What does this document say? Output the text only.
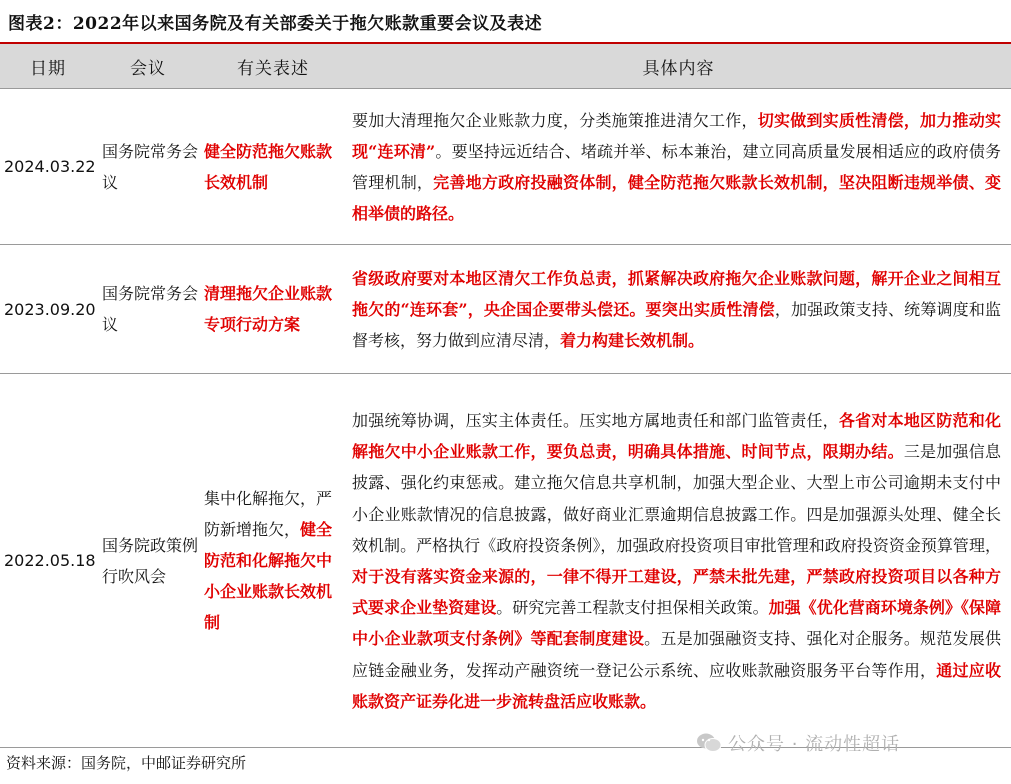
图表2：2022年以来国务院及有关部委关于拖欠账款重要会议及表述
日期	会议	有关表述	具体内容
2024.03.22	国务院常务会议	健全防范拖欠账款长效机制	要加大清理拖欠企业账款力度，分类施策推进清欠工作，切实做到实质性清偿，加力推动实现“连环清”。要坚持远近结合、堵疏并举、标本兼治，建立同高质量发展相适应的政府债务管理机制，完善地方政府投融资体制，健全防范拖欠账款长效机制，坚决阻断违规举债、变相举债的路径。
2023.09.20	国务院常务会议	清理拖欠企业账款专项行动方案	省级政府要对本地区清欠工作负总责，抓紧解决政府拖欠企业账款问题，解开企业之间相互拖欠的“连环套”，央企国企要带头偿还。要突出实质性清偿，加强政策支持、统筹调度和监督考核，努力做到应清尽清，着力构建长效机制。
2022.05.18	国务院政策例行吹风会	集中化解拖欠，严防新增拖欠，健全防范和化解拖欠中小企业账款长效机制	加强统筹协调，压实主体责任。压实地方属地责任和部门监管责任，各省对本地区防范和化解拖欠中小企业账款工作，要负总责，明确具体措施、时间节点，限期办结。三是加强信息披露、强化约束惩戒。建立拖欠信息共享机制，加强大型企业、大型上市公司逾期未支付中小企业账款情况的信息披露，做好商业汇票逾期信息披露工作。四是加强源头处理、健全长效机制。严格执行《政府投资条例》，加强政府投资项目审批管理和政府投资资金预算管理，对于没有落实资金来源的，一律不得开工建设，严禁未批先建，严禁政府投资项目以各种方式要求企业垫资建设。研究完善工程款支付担保相关政策。加强《优化营商环境条例》《保障中小企业款项支付条例》等配套制度建设。五是加强融资支持、强化对企服务。规范发展供应链金融业务，发挥动产融资统一登记公示系统、应收账款融资服务平台等作用，通过应收账款资产证券化进一步流转盘活应收账款。
资料来源：国务院，中邮证券研究所
公众号 · 流动性超话
